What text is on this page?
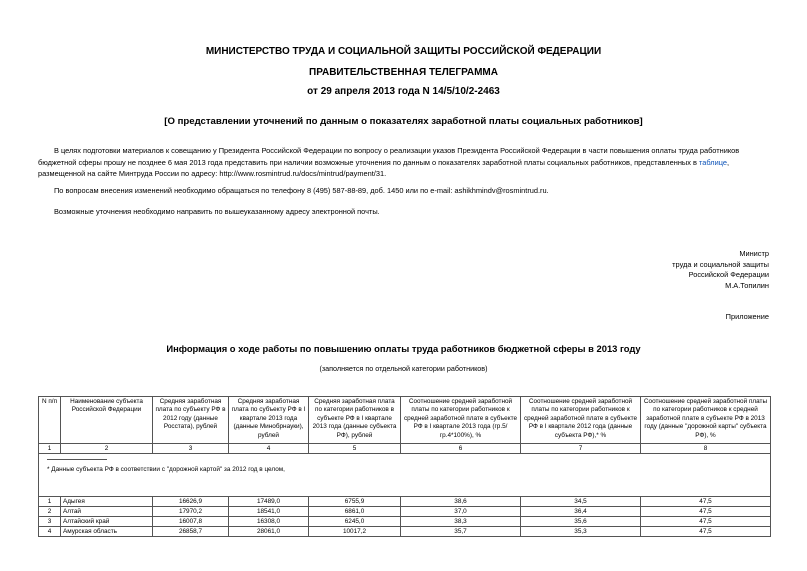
МИНИСТЕРСТВО ТРУДА И СОЦИАЛЬНОЙ ЗАЩИТЫ РОССИЙСКОЙ ФЕДЕРАЦИИ
ПРАВИТЕЛЬСТВЕННАЯ ТЕЛЕГРАММА
от 29 апреля 2013 года N 14/5/10/2-2463
[О представлении уточнений по данным о показателях заработной платы социальных работников]
В целях подготовки материалов к совещанию у Президента Российской Федерации по вопросу о реализации указов Президента Российской Федерации в части повышения оплаты труда работников бюджетной сферы прошу не позднее 6 мая 2013 года представить при наличии возможные уточнения по данным о показателях заработной платы социальных работников, представленных в таблице, размещенной на сайте Минтруда России по адресу: http://www.rosmintrud.ru/docs/mintrud/payment/31.
По вопросам внесения изменений необходимо обращаться по телефону 8 (495) 587-88-89, доб. 1450 или по e-mail: ashikhmindv@rosmintrud.ru.
Возможные уточнения необходимо направить по вышеуказанному адресу электронной почты.
Министр
труда и социальной защиты
Российской Федерации
М.А.Топилин
Приложение
Информация о ходе работы по повышению оплаты труда работников бюджетной сферы в 2013 году
(заполняется по отдельной категории работников)
N п/п	Наименование субъекта Российской Федерации	Средняя заработная плата по субъекту РФ в 2012 году (данные Росстата), рублей	Средняя заработная плата по субъекту РФ в I квартале 2013 года (данные Минобрнауки), рублей	Средняя заработная плата по категории работников в субъекте РФ в I квартале 2013 года (данные субъекта РФ), рублей	Соотношение средней заработной платы по категории работников к средней заработной плате в субъекте РФ в I квартале 2013 года (гр.5/гр.4*100%), %	Соотношение средней заработной платы по категории работников к средней заработной плате в субъекте РФ в I квартале 2012 года (данные субъекта РФ),* %	Соотношение средней заработной платы по категории работников к средней заработной плате в субъекте РФ в 2013 году (данные "дорожной карты" субъекта РФ), %
1	2	3	4	5	6	7	8

* Данные субъекта РФ в соответствии с "дорожной картой" за 2012 год в целом,							
1	Адыгея	16626,9	17489,0	6755,9	38,6	34,5	47,5
2	Алтай	17970,2	18541,0	6861,0	37,0	36,4	47,5
3	Алтайский край	16007,8	16308,0	6245,0	38,3	35,6	47,5
4	Амурская область	26858,7	28061,0	10017,2	35,7	35,3	47,5
